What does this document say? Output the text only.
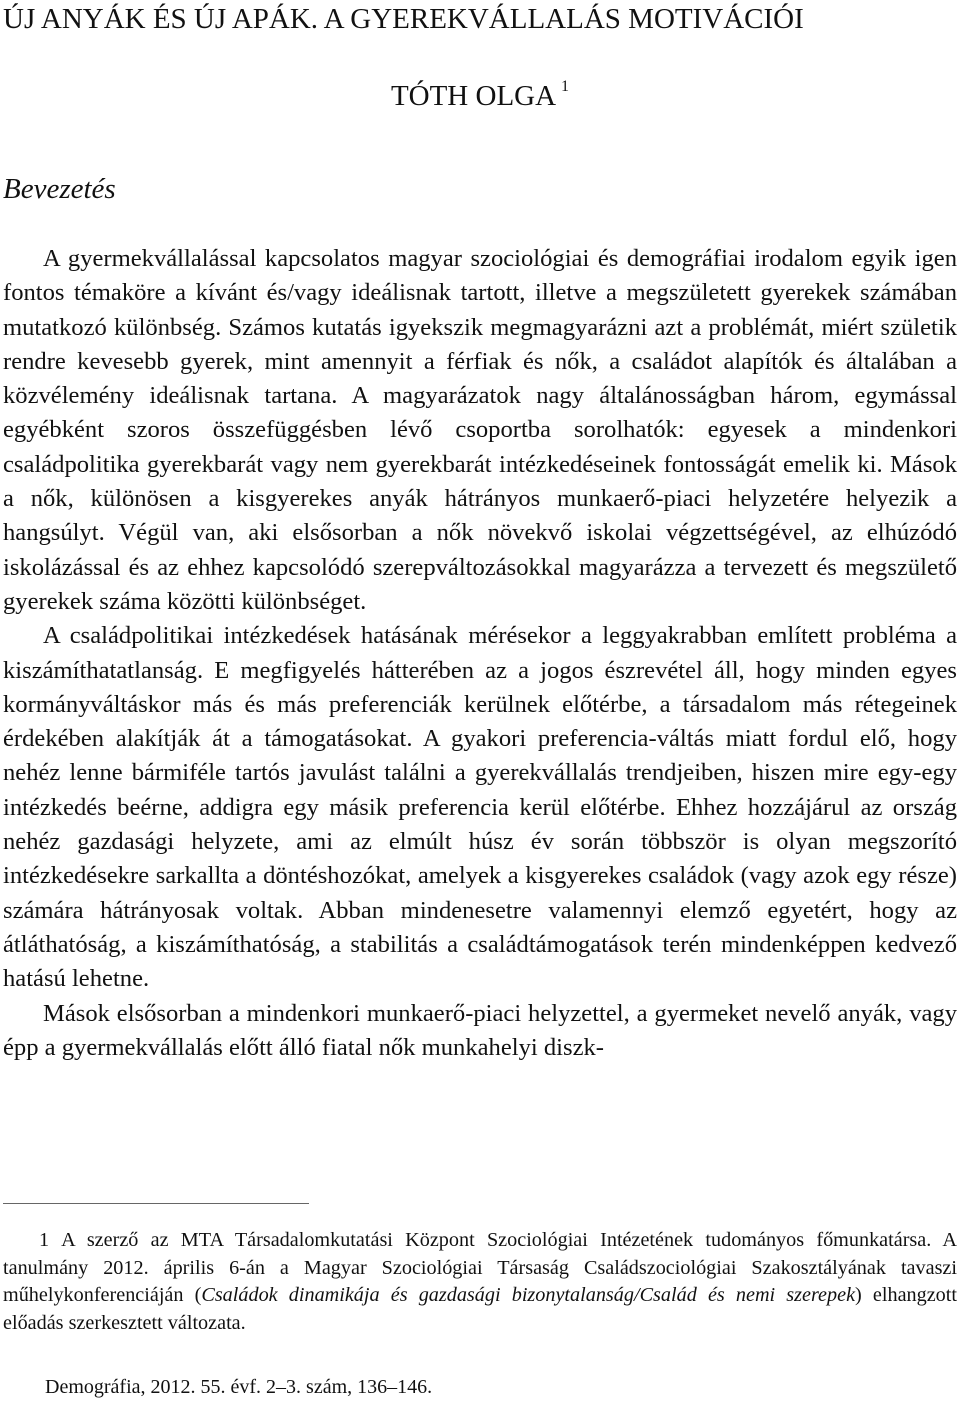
ÚJ ANYÁK ÉS ÚJ APÁK. A GYEREKVÁLLALÁS MOTIVÁCIÓI
TÓTH OLGA $^1$
Bevezetés

A gyermekvállalással kapcsolatos magyar szociológiai és demográfiai irodalom egyik igen fontos témaköre a kívánt és/vagy ideálisnak tartott, illetve a megszületett gyerekek számában mutatkozó különbség. Számos kutatás igyekszik megmagyarázni azt a problémát, miért születik rendre kevesebb gyerek, mint amennyit a férfiak és nők, a családot alapítók és általában a közvélemény ideálisnak tartana. A magyarázatok nagy általánosságban három, egymással egyébként szoros összefüggésben lévő csoportba sorolhatók: egyesek a mindenkori családpolitika gyerekbarát vagy nem gyerekbarát intézkedéseinek fontosságát emelik ki. Mások a nők, különösen a kisgyerekes anyák hátrányos munkaerő-piaci helyzetére helyezik a hangsúlyt. Végül van, aki elsősorban a nők növekvő iskolai végzettségével, az elhúzódó iskolázással és az ehhez kapcsolódó szerepváltozásokkal magyarázza a tervezett és megszülető gyerekek száma közötti különbséget.

A családpolitikai intézkedések hatásának mérésekor a leggyakrabban említett probléma a kiszámíthatatlanság. E megfigyelés hátterében az a jogos észrevétel áll, hogy minden egyes kormányváltáskor más és más preferenciák kerülnek előtérbe, a társadalom más rétegeinek érdekében alakítják át a támogatásokat. A gyakori preferencia-váltás miatt fordul elő, hogy nehéz lenne bármiféle tartós javulást találni a gyerekvállalás trendjeiben, hiszen mire egy-egy intézkedés beérne, addigra egy másik preferencia kerül előtérbe. Ehhez hozzájárul az ország nehéz gazdasági helyzete, ami az elmúlt húsz év során többször is olyan megszorító intézkedésekre sarkallta a döntéshozókat, amelyek a kisgyerekes családok (vagy azok egy része) számára hátrányosak voltak. Abban mindenesetre valamennyi elemző egyetért, hogy az átláthatóság, a kiszámíthatóság, a stabilitás a családtámogatások terén mindenképpen kedvező hatású lehetne.

Mások elsősorban a mindenkori munkaerő-piaci helyzettel, a gyermeket nevelő anyák, vagy épp a gyermekvállalás előtt álló fiatal nők munkahelyi diszk-

1 A szerző az MTA Társadalomkutatási Központ Szociológiai Intézetének tudományos főmunkatársa. A tanulmány 2012. április 6-án a Magyar Szociológiai Társaság Családszociológiai Szakosztályának tavaszi műhelykonferenciáján (Családok dinamikája és gazdasági bizonytalanság/Család és nemi szerepek) elhangzott előadás szerkesztett változata.
Demográfia, 2012. 55. évf. 2–3. szám, 136–146.
